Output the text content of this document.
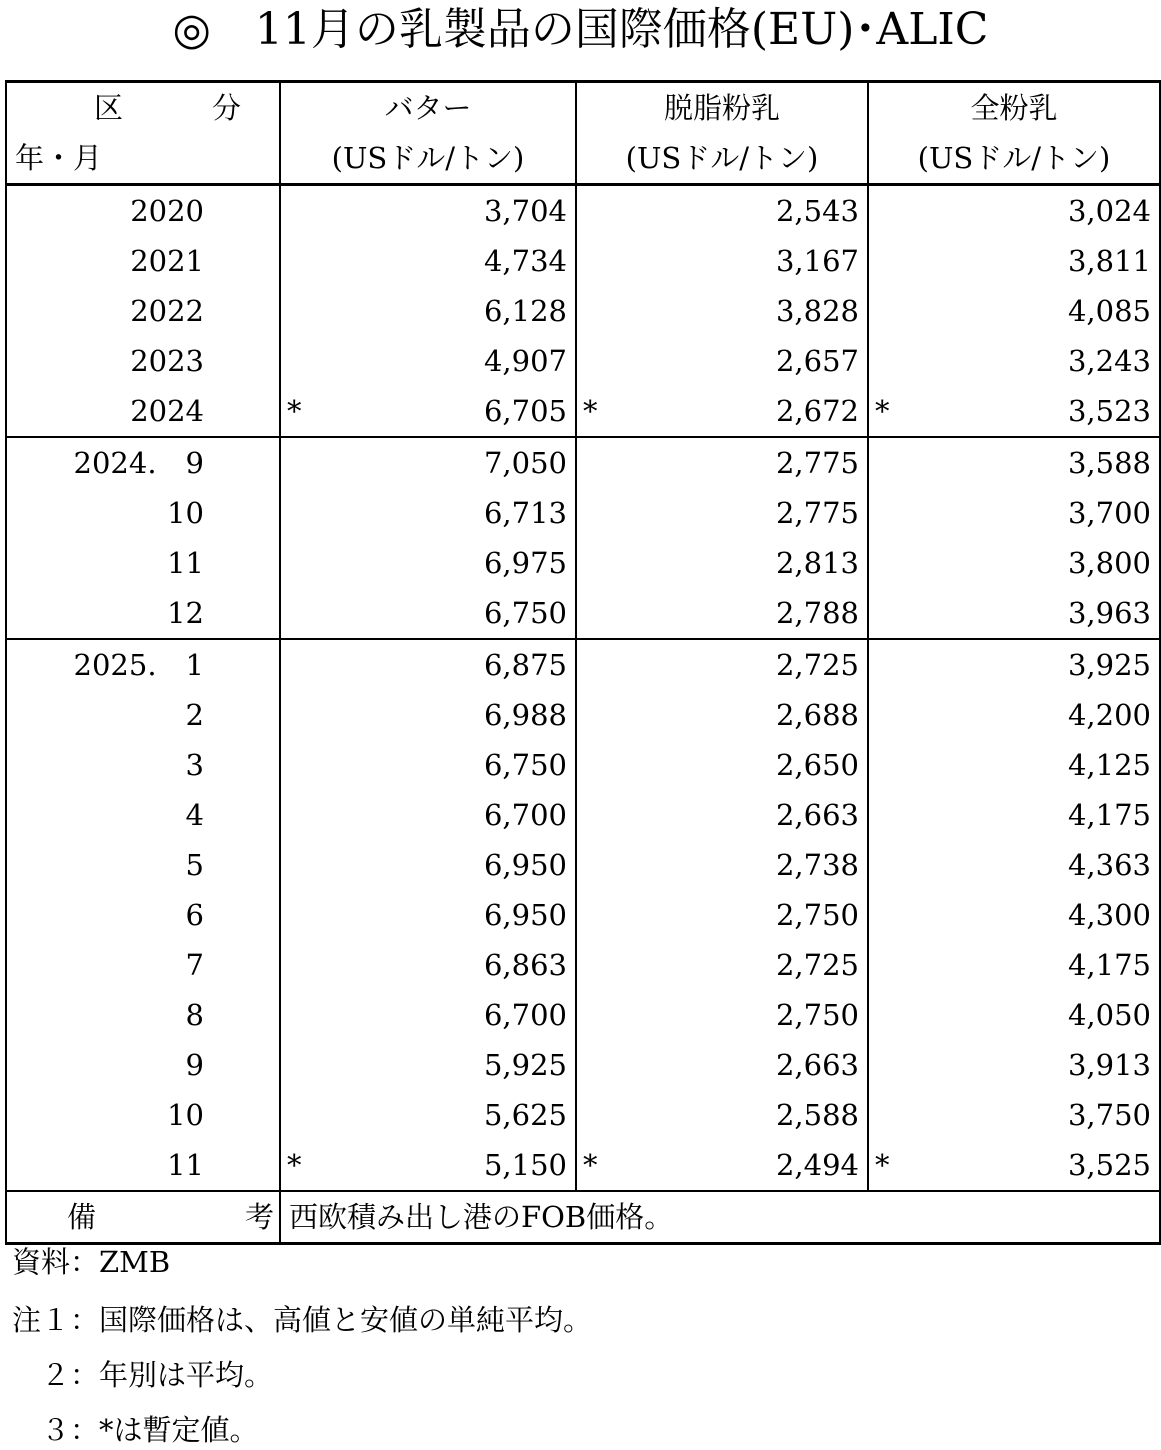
◎　11月の乳製品の国際価格(EU)･ALIC
区　分	バター	脱脂粉乳	全粉乳
年・月	(USドル/トン)	(USドル/トン)	(USドル/トン)
2020	3,704	2,543	3,024

2021	4,734	3,167	3,811

2022	6,128	3,828	4,085

2023	4,907	2,657	3,243

2024	* 6,705	* 2,672	* 3,523

2024.　9	7,050	2,775	3,588

10	6,713	2,775	3,700

11	6,975	2,813	3,800

12	6,750	2,788	3,963

2025.　1	6,875	2,725	3,925

2	6,988	2,688	4,200

3	6,750	2,650	4,125

4	6,700	2,663	4,175

5	6,950	2,738	4,363

6	6,950	2,750	4,300

7	6,863	2,725	4,175

8	6,700	2,750	4,050

9	5,925	2,663	3,913

10	5,625	2,588	3,750

11	* 5,150	* 2,494	* 3,525

備　考	西欧積み出し港のFOB価格。		
資料：ZMB
注１：国際価格は、高値と安値の単純平均。
　２：年別は平均。
　３：*は暫定値。
